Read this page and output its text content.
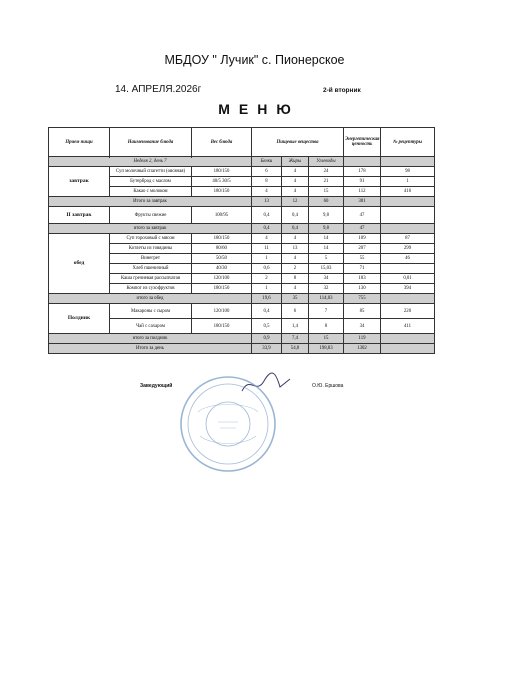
МБДОУ " Лучик" с. Пионерское
14. АПРЕЛЯ.2026г	2-й вторник
МЕНЮ
Прием пищи	Наименование блюда	Вес блюда	Пищевые вещества			Энергетическая ценность	№ рецептуры

Неделя 2, день 7			Белки	Жиры	Углеводы		
завтрак	Суп молочный спагетти (овсяная)	180/150	6	4	24	178	98
	Бутерброд с маслом	40/5 30/5	8	4	21	91	1
	Какао с молоком	180/150	4	4	15	112	416
Итого за завтрак			13	12	60	381	
II завтрак	Фрукты свежие	100/95	0,4	0,4	9,8	47	
итого за завтрак			0,4	0,4	9,8	47	
обед	Суп гороховый с мясом	180/150	4	4	14	109	87
	Котлеты из говядины	80/60	11	13	14	207	299
	Винегрет	50/50	1	4	5	55	46
	Хлеб пшеничный	40/30	0,6	2	15,03	71	
	Каша гречневая рассыпчатая	120/100	2	8	34	183	0,01
	Компот из сухофруктов	180/150	1	4	32	130	394
итого за обед			19,6	35	114,03	755	
Полдник	Макароны с сыром	120/100	0,4	6	7	85	220
	Чай с сахаром	180/150	0,5	1,4	8	34	411
итого за полдник			0,9	7,4	15	119	
Итого за день			33,9	54,8	198,83	1302	
Заведующий	О.Ю. Ершова
